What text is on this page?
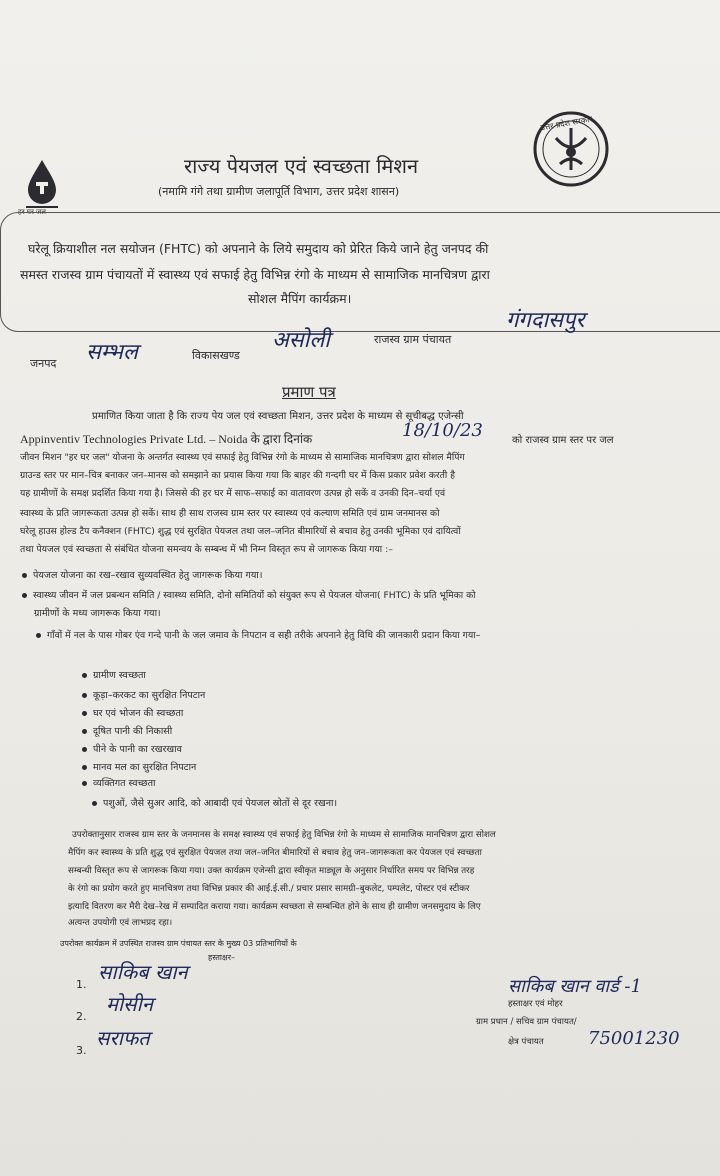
हर घर जल
राज्य पेयजल एवं स्वच्छता मिशन
(नमामि गंगे तथा ग्रामीण जलापूर्ति विभाग, उत्तर प्रदेश शासन)
उत्तर प्रदेश सरकार
घरेलू क्रियाशील नल सयोजन (FHTC) को अपनाने के लिये समुदाय को प्रेरित किये जाने हेतु जनपद की
समस्त राजस्व ग्राम पंचायतों में स्वास्थ्य एवं सफाई हेतु विभिन्न रंगो के माध्यम से सामाजिक मानचित्रण द्वारा
सोशल मैपिंग कार्यक्रम।
जनपद सम्भल	विकासखण्ड
असोली	राजस्व ग्राम पंचायत
गंगदासपुर
प्रमाण पत्र
प्रमाणित किया जाता है कि राज्य पेय जल एवं स्वच्छता मिशन, उत्तर प्रदेश के माध्यम से सूचीबद्ध एजेन्सी
Appinventiv Technologies Private Ltd. – Noida के द्वारा दिनांक	18/10/23	को राजस्व ग्राम स्तर पर जल
जीवन मिशन "हर घर जल" योजना के अन्तर्गत स्वास्थ्य एवं सफाई हेतु विभिन्न रंगो के माध्यम से सामाजिक मानचित्रण द्वारा सोशल मैपिंग
ग्राउन्ड स्तर पर मान–चित्र बनाकर जन–मानस को समझाने का प्रयास किया गया कि बाहर की गन्दगी घर में किस प्रकार प्रवेश करती है
यह ग्रामीणों के समक्ष प्रदर्शित किया गया है। जिससे की हर घर में साफ–सफाई का वातावरण उत्पन्न हो सकें व उनकी दिन–चर्या एवं
स्वास्थ्य के प्रति जागरूकता उत्पन्न हो सकें। साथ ही साथ राजस्व ग्राम स्तर पर स्वास्थ्य एवं कल्याण समिति एवं ग्राम जनमानस को
घरेलू हाउस होल्ड टैप कनैक्शन (FHTC) शुद्ध एवं सुरक्षित पेयजल तथा जल–जनित बीमारियों से बचाव हेतु उनकी भूमिका एवं दायित्वों
तथा पेयजल एवं स्वच्छता से संबंधित योजना समन्वय के सम्बन्ध में भी निम्न विस्तृत रूप से जागरूक किया गया :–
पेयजल योजना का रख–रखाव सुव्यवस्थित हेतु जागरूक किया गया।
स्वास्थ्य जीवन में जल प्रबन्धन समिति / स्वास्थ्य समिति, दोनो समितियों को संयुक्त रूप से पेयजल योजना( FHTC) के प्रति भूमिका को
ग्रामीणों के मध्य जागरूक किया गया।
गाँवों में नल के पास गोबर एंव गन्दे पानी के जल जमाव के निपटान व सही तरीके अपनाने हेतु विधि की जानकारी प्रदान किया गया–
ग्रामीण स्वच्छता
कूड़ा–करकट का सुरक्षित निपटान
घर एवं भोजन की स्वच्छता
दूषित पानी की निकासी
पीने के पानी का रखरखाव
मानव मल का सुरक्षित निपटान
व्यक्तिगत स्वच्छता
पशुओं, जैसे सुअर आदि, को आबादी एवं पेयजल स्रोतों से दूर रखना।
उपरोक्तानुसार राजस्व ग्राम स्तर के जनमानस के समक्ष स्वास्थ्य एवं सफाई हेतु विभिन्न रंगो के माध्यम से सामाजिक मानचित्रण द्वारा सोशल
मैपिंग कर स्वास्थ्य के प्रति शुद्ध एवं सुरक्षित पेयजल तथा जल–जनित बीमारियों से बचाव हेतु जन–जागरूकता कर पेयजल एवं स्वच्छता
सम्बन्धी विस्तृत रूप से जागरूक किया गया। उक्त कार्यक्रम एजेन्सी द्वारा स्वीकृत माड्यूल के अनुसार निर्धारित समय पर विभिन्न तरह
के रंगो का प्रयोग करते हुए मानचित्रण तथा विभिन्न प्रकार की आई.ई.सी./ प्रचार प्रसार सामग्री–बुकलेट, पम्पलेट, पोस्टर एवं स्टीकर
इत्यादि वितरण कर मैरी देख–रेख में सम्पादित कराया गया। कार्यक्रम स्वच्छता से सम्बन्धित होने के साथ ही ग्रामीण जनसमुदाय के लिए
अत्यन्त उपयोगी एवं लाभप्रद रहा।
उपरोक्त कार्यक्रम में उपस्थित राजस्व ग्राम पंचायत स्तर के मुख्य 03 प्रतिभागियों के
हस्ताक्षर–
1.
साकिब खान
2.
मोसीन
3.
सराफत
साकिब खान वार्ड -1
हस्ताक्षर एवं मोहर
ग्राम प्रधान / सचिव ग्राम पंचायत/
क्षेत्र पंचायत 75001230
